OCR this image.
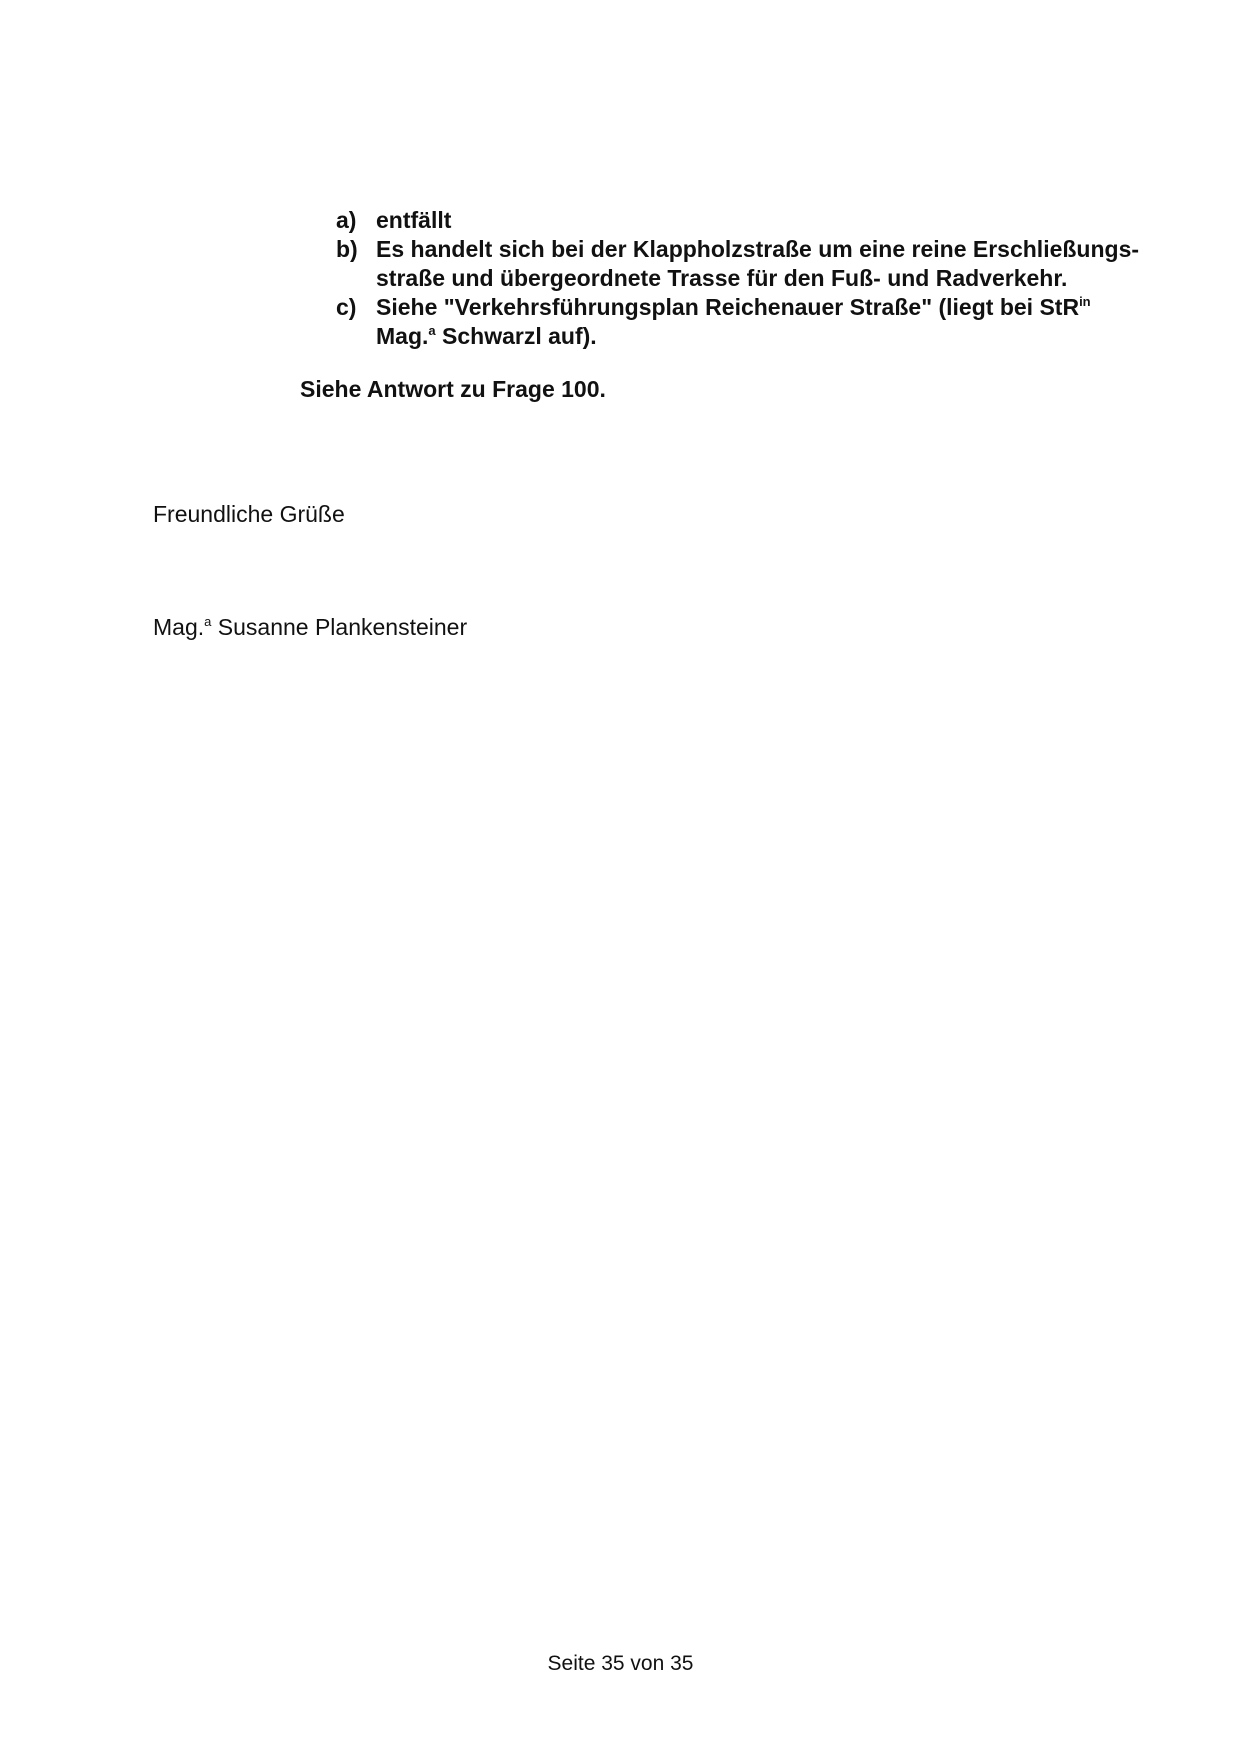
a) entfällt
b) Es handelt sich bei der Klappholzstraße um eine reine Erschließungs-
straße und übergeordnete Trasse für den Fuß- und Radverkehr.
c) Siehe "Verkehrsführungsplan Reichenauer Straße" (liegt bei StR$^{in}$
Mag.$^a$ Schwarzl auf).

Siehe Antwort zu Frage 100.

Freundliche Grüße

Mag.$^a$ Susanne Plankensteiner

Seite 35 von 35
